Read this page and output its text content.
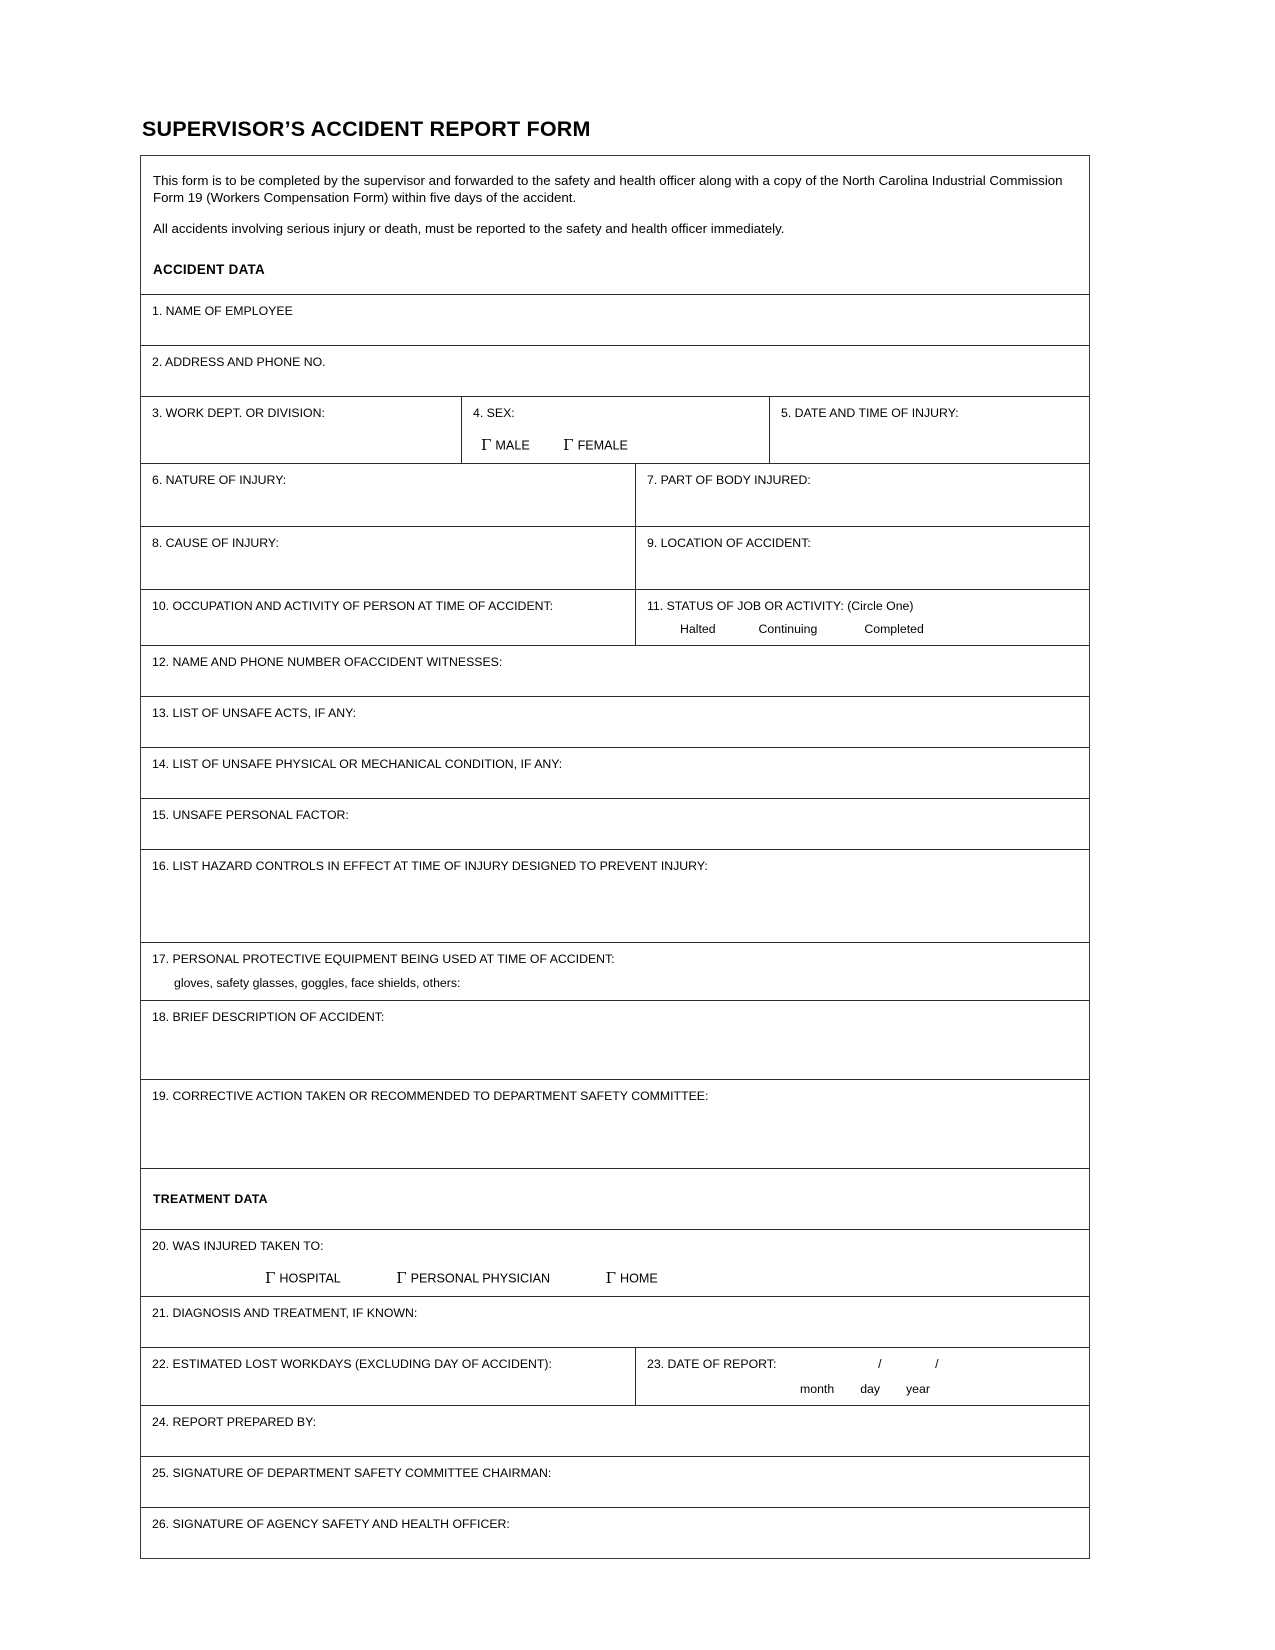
SUPERVISOR’S ACCIDENT REPORT FORM

This form is to be completed by the supervisor and forwarded to the safety and health officer along with a copy of the North Carolina Industrial Commission Form 19 (Workers Compensation Form) within five days of the accident.

All accidents involving serious injury or death, must be reported to the safety and health officer immediately.

ACCIDENT DATA
1. NAME OF EMPLOYEE
2. ADDRESS AND PHONE NO.
3. WORK DEPT. OR DIVISION:	4. SEX:
Γ MALE Γ FEMALE
5. DATE AND TIME OF INJURY:
6. NATURE OF INJURY:	7. PART OF BODY INJURED:
8. CAUSE OF INJURY:	9. LOCATION OF ACCIDENT:
10. OCCUPATION AND ACTIVITY OF PERSON AT TIME OF ACCIDENT:	11. STATUS OF JOB OR ACTIVITY: (Circle One)
Halted	Continuing	Completed
12. NAME AND PHONE NUMBER OFACCIDENT WITNESSES:
13. LIST OF UNSAFE ACTS, IF ANY:
14. LIST OF UNSAFE PHYSICAL OR MECHANICAL CONDITION, IF ANY:
15. UNSAFE PERSONAL FACTOR:
16. LIST HAZARD CONTROLS IN EFFECT AT TIME OF INJURY DESIGNED TO PREVENT INJURY:
17. PERSONAL PROTECTIVE EQUIPMENT BEING USED AT TIME OF ACCIDENT:
gloves, safety glasses, goggles, face shields, others:
18. BRIEF DESCRIPTION OF ACCIDENT:
19. CORRECTIVE ACTION TAKEN OR RECOMMENDED TO DEPARTMENT SAFETY COMMITTEE:
TREATMENT DATA
20. WAS INJURED TAKEN TO:
Γ HOSPITAL	Γ PERSONAL PHYSICIAN	Γ HOME
21. DIAGNOSIS AND TREATMENT, IF KNOWN:
22. ESTIMATED LOST WORKDAYS (EXCLUDING DAY OF ACCIDENT):	23. DATE OF REPORT:	/	/
month day year
24. REPORT PREPARED BY:
25. SIGNATURE OF DEPARTMENT SAFETY COMMITTEE CHAIRMAN:
26. SIGNATURE OF AGENCY SAFETY AND HEALTH OFFICER:
